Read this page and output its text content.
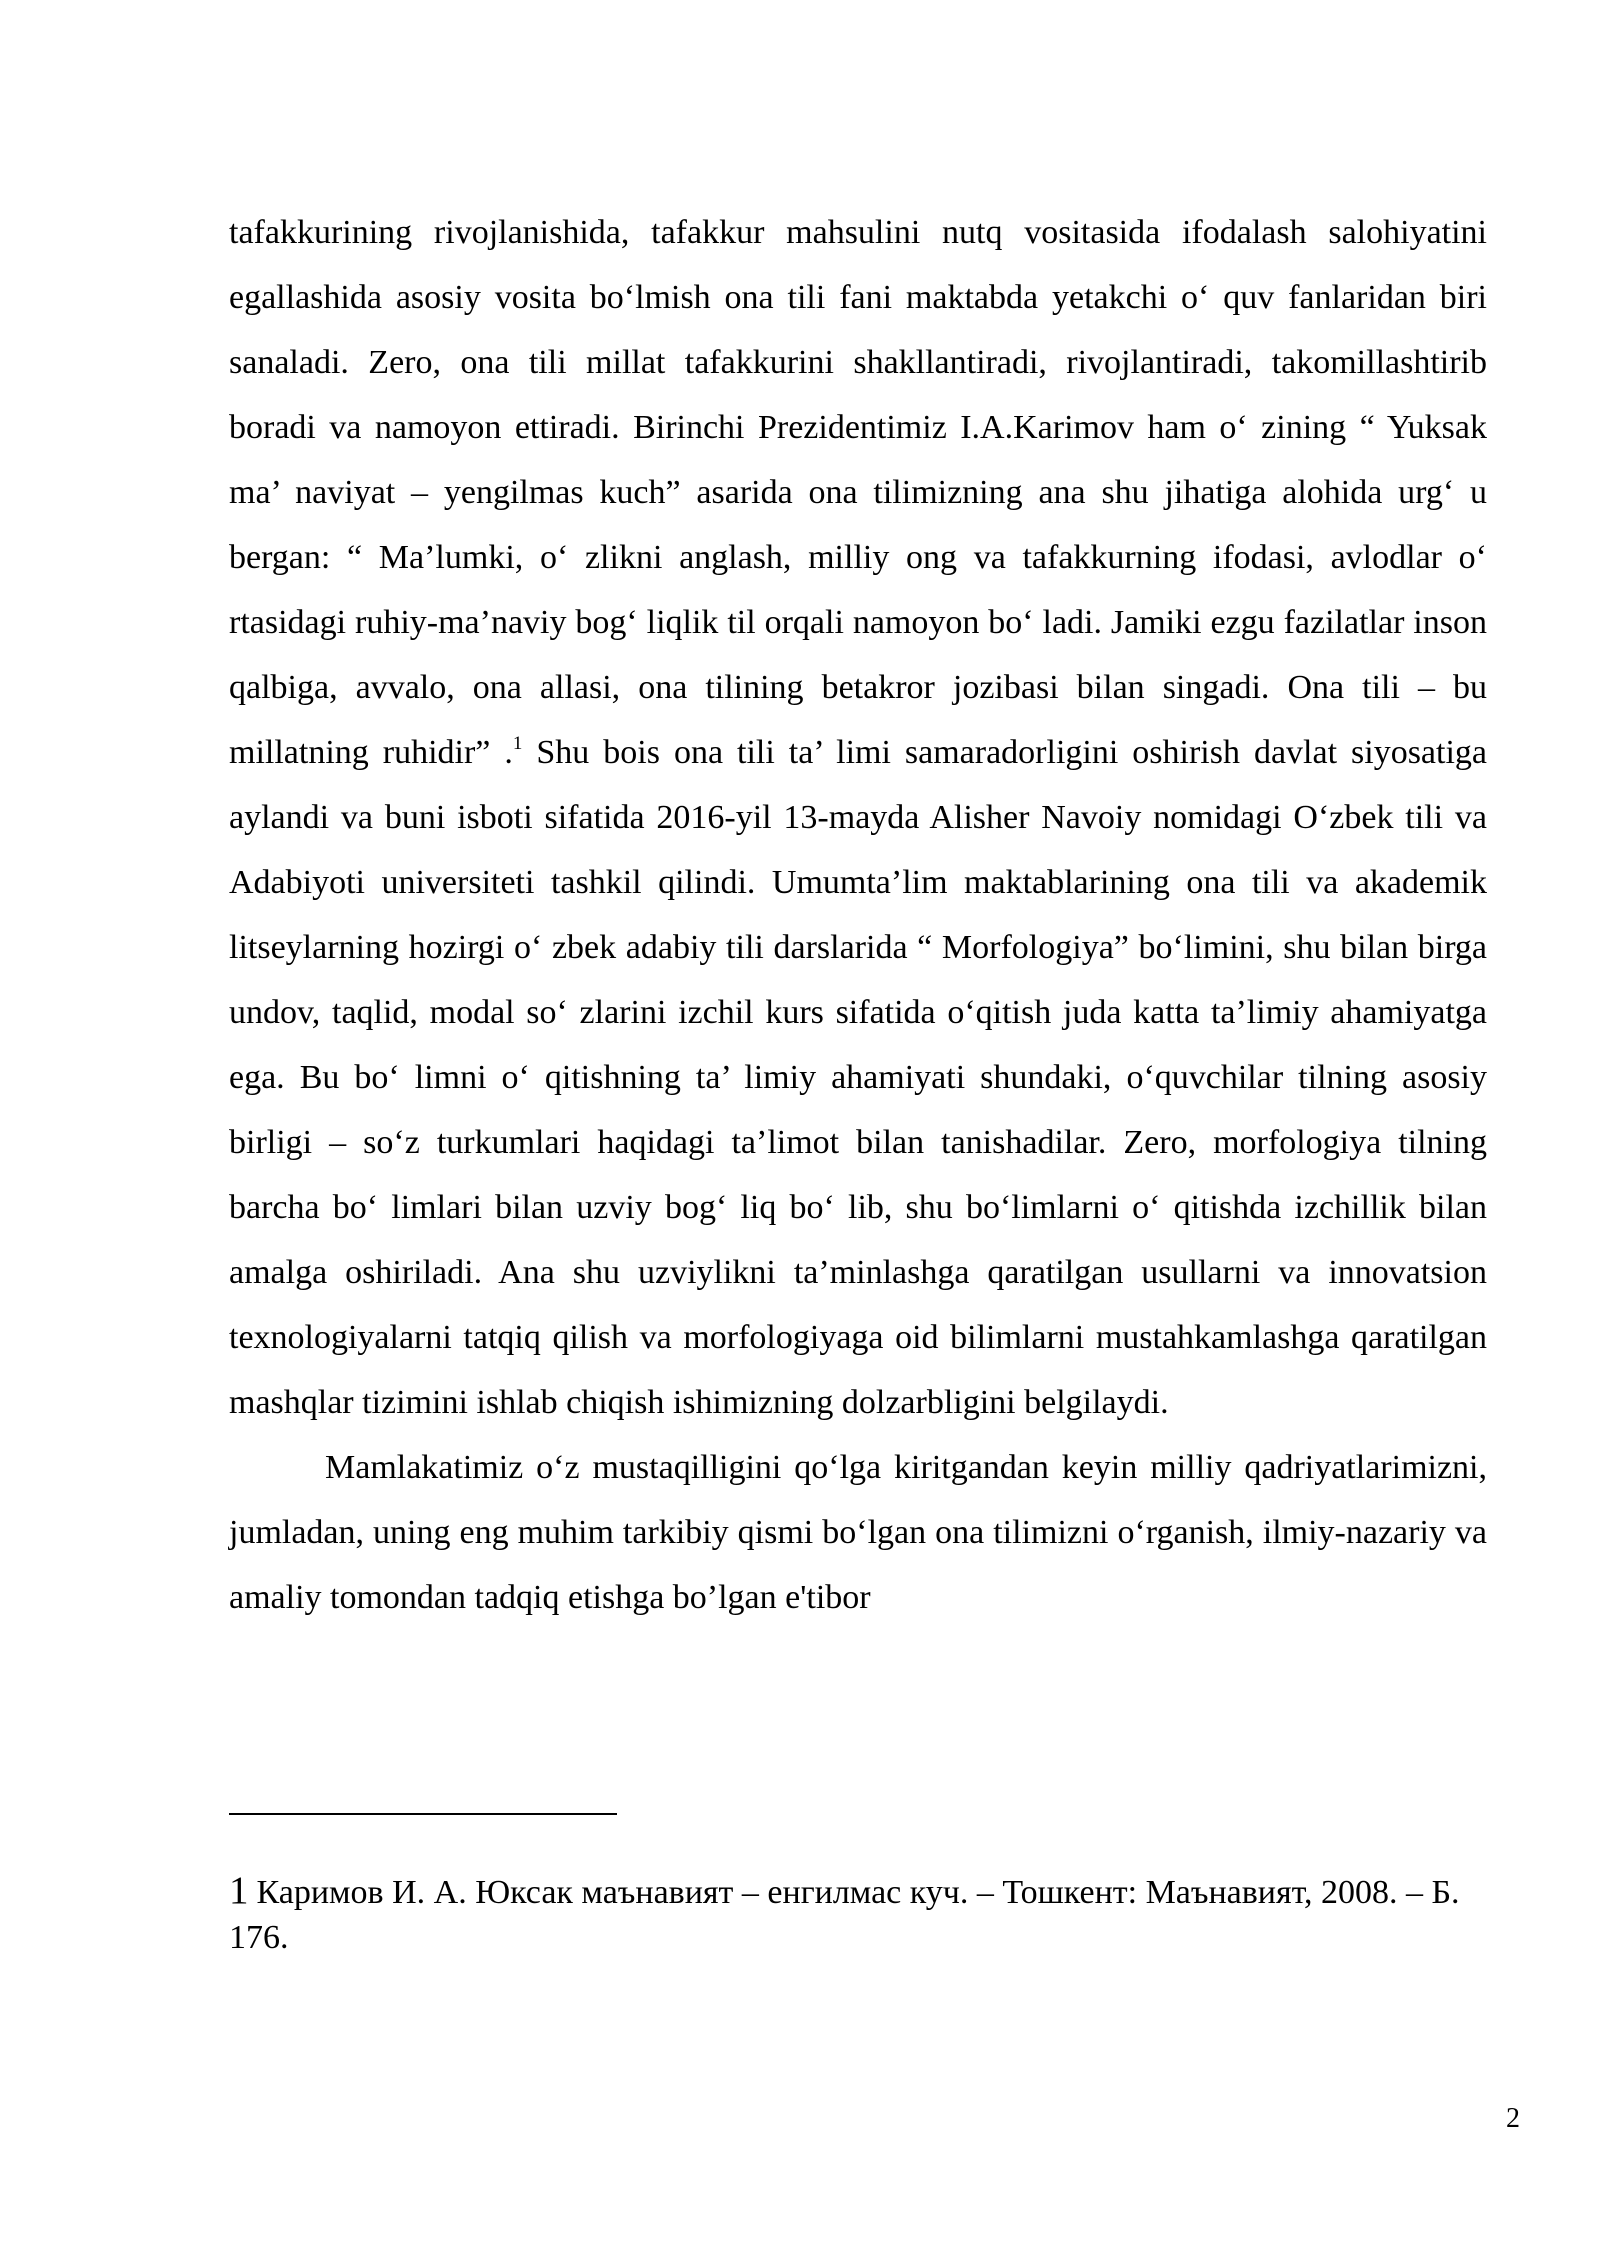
tafakkurining rivojlanishida, tafakkur mahsulini nutq vositasida ifodalash salohiyatini egallashida asosiy vosita bo‘lmish ona tili fani maktabda yetakchi o‘ quv fanlaridan biri sanaladi. Zero, ona tili millat tafakkurini shakllantiradi, rivojlantiradi, takomillashtirib boradi va namoyon ettiradi. Birinchi Prezidentimiz I.A.Karimov ham o‘ zining “ Yuksak ma’ naviyat – yengilmas kuch” asarida ona tilimizning ana shu jihatiga alohida urg‘ u bergan: “ Ma’lumki, o‘ zlikni anglash, milliy ong va tafakkurning ifodasi, avlodlar o‘ rtasidagi ruhiy-ma’naviy bog‘ liqlik til orqali namoyon bo‘ ladi. Jamiki ezgu fazilatlar inson qalbiga, avvalo, ona allasi, ona tilining betakror jozibasi bilan singadi. Ona tili – bu millatning ruhidir” .$^1$ Shu bois ona tili ta’ limi samaradorligini oshirish davlat siyosatiga aylandi va buni isboti sifatida 2016-yil 13-mayda Alisher Navoiy nomidagi O‘zbek tili va Adabiyoti universiteti tashkil qilindi. Umumta’lim maktablarining ona tili va akademik litseylarning hozirgi o‘ zbek adabiy tili darslarida “ Morfologiya” bo‘limini, shu bilan birga undov, taqlid, modal so‘ zlarini izchil kurs sifatida o‘qitish juda katta ta’limiy ahamiyatga ega. Bu bo‘ limni o‘ qitishning ta’ limiy ahamiyati shundaki, o‘quvchilar tilning asosiy birligi – so‘z turkumlari haqidagi ta’limot bilan tanishadilar. Zero, morfologiya tilning barcha bo‘ limlari bilan uzviy bog‘ liq bo‘ lib, shu bo‘limlarni o‘ qitishda izchillik bilan amalga oshiriladi. Ana shu uzviylikni ta’minlashga qaratilgan usullarni va innovatsion texnologiyalarni tatqiq qilish va morfologiyaga oid bilimlarni mustahkamlashga qaratilgan mashqlar tizimini ishlab chiqish ishimizning dolzarbligini belgilaydi.

Mamlakatimiz o‘z mustaqilligini qo‘lga kiritgandan keyin milliy qadriyatlarimizni, jumladan, uning eng muhim tarkibiy qismi bo‘lgan ona tilimizni o‘rganish, ilmiy-nazariy va amaliy tomondan tadqiq etishga bo’lgan e'tibor

1 Каримов И. А. Юксак маънавият – енгилмас куч. – Тошкент: Маънавият, 2008. – Б. 176.

2
